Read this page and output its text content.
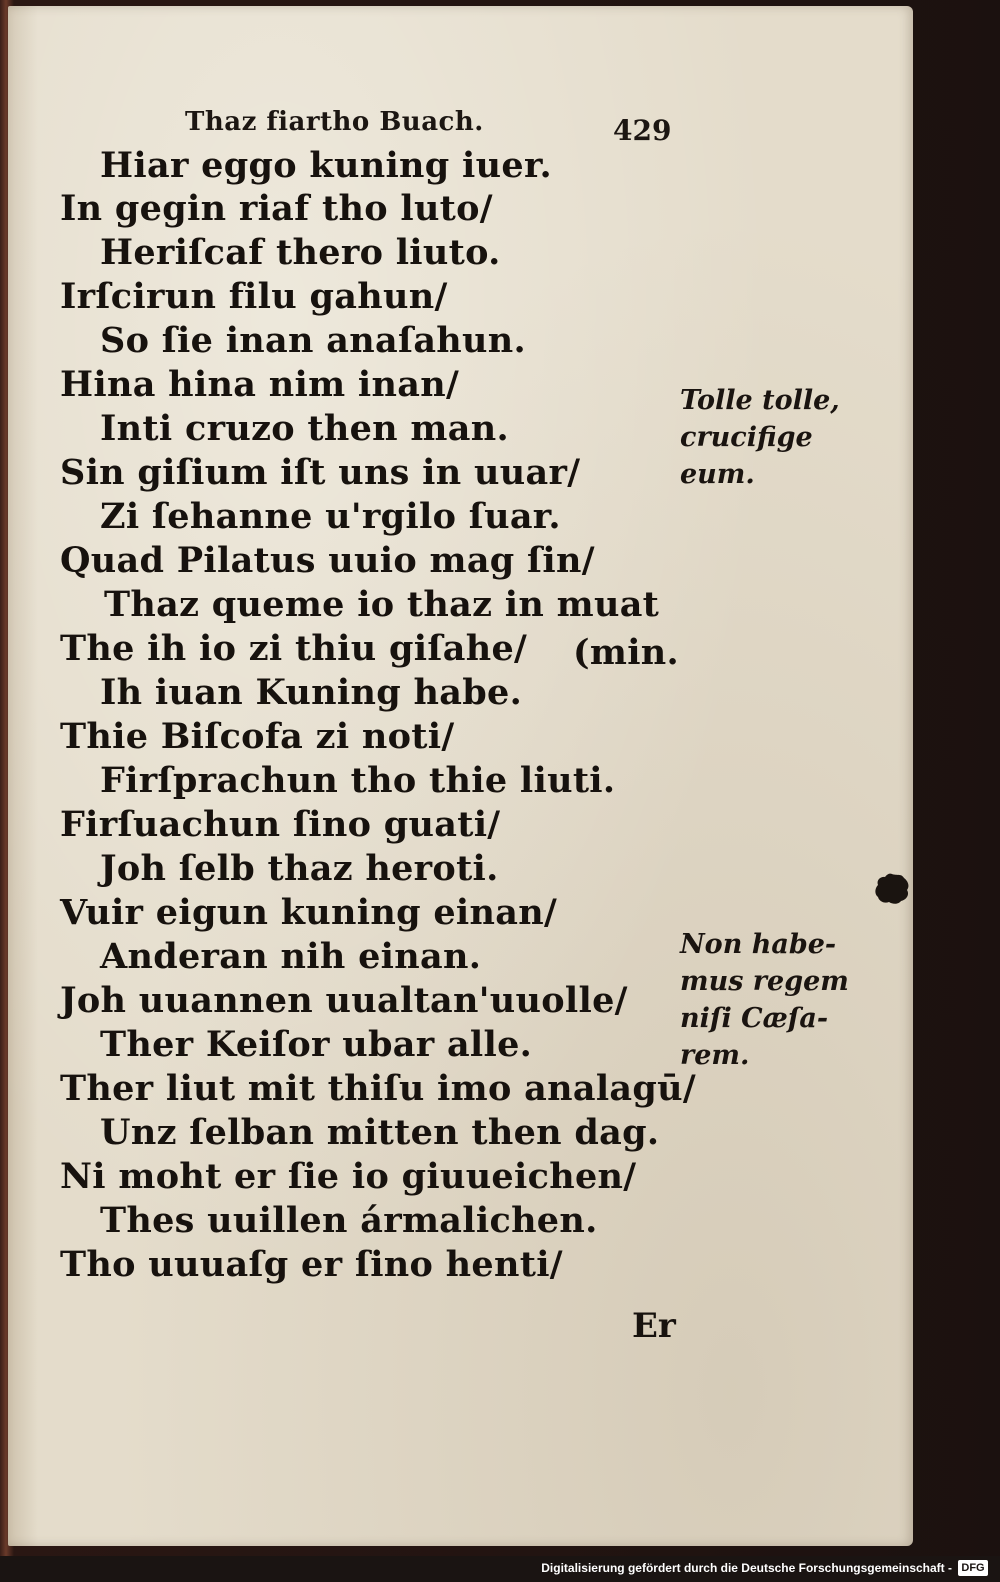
Thaz fiartho Buach.	429
Hiar eggo kuning iuer.
In gegin riaf tho luto/
Heriſcaf thero liuto.
Irſcirun filu gahun/
So ſie inan anaſahun.
Hina hina nim inan/
Inti cruzo then man.
Sin giſium iſt uns in uuar/
Zi ſehanne u'rgilo ſuar.
Quad Pilatus uuio mag ſin/
Thaz queme io thaz in muat
The ih io zi thiu giſahe/ (min.
Ih iuan Kuning habe.
Thie Biſcofa zi noti/
Firſprachun tho thie liuti.
Firſuachun ſino guati/
Joh ſelb thaz heroti.
Vuir eigun kuning einan/
Anderan nih einan.
Joh uuannen uualtan'uuolle/
Ther Keiſor ubar alle.
Ther liut mit thiſu imo analagū/
Unz ſelban mitten then dag.
Ni moht er ſie io giuueichen/
Thes uuillen ármalichen.
Tho uuuaſg er ſino henti/
Tolle tolle,
crucifige
eum.
Non habe-
mus regem
niſi Cæſa-
rem.
Er
Digitalisierung gefördert durch die Deutsche Forschungsgemeinschaft - DFG
